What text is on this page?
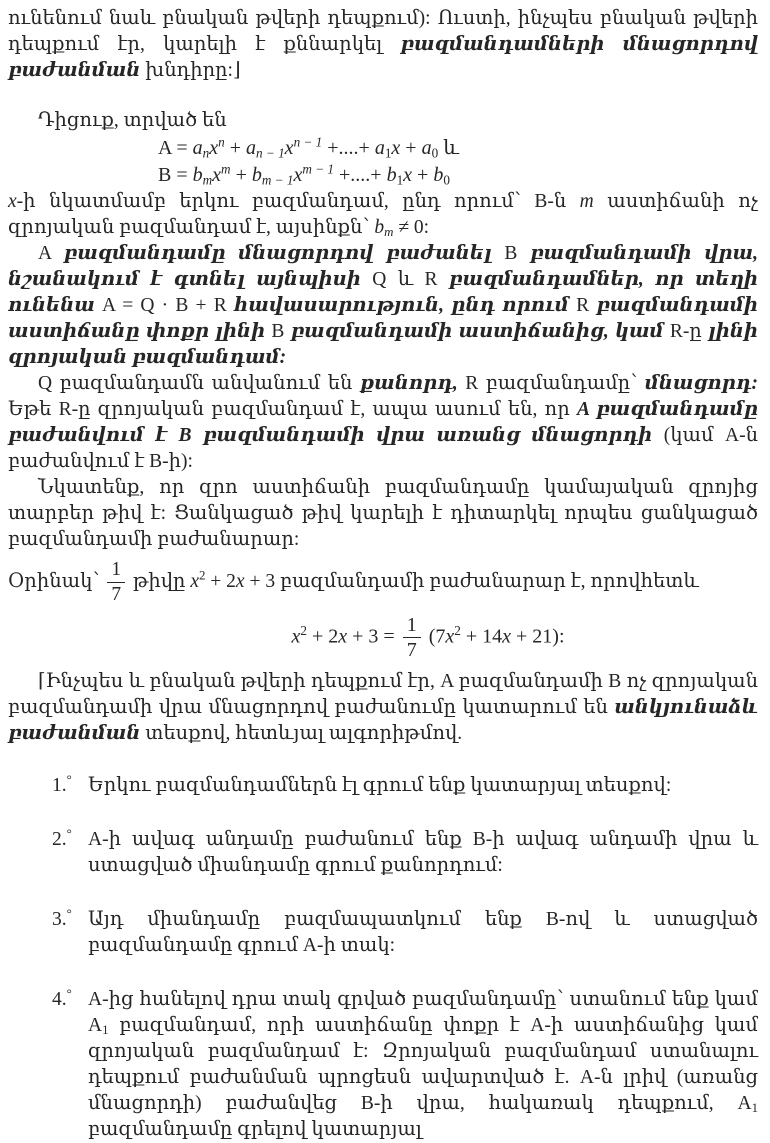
ունենում նաև բնական թվերի դեպքում): Ուստի, ինչպես բնական թվերի դեպքում էր, կարելի է քննարկել բազմանդամների մնացորդով բաժանման խնդիրը:⌋

Դիցուք, տրված են

$A = a_nx^n + a_{n - 1}x^{n - 1}$ +....+ $a_1x + a_0$ և

$B = b_mx^m + b_{m - 1}x^{m - 1}$ +....+ $b_1x + b_0$

x-ի նկատմամբ երկու բազմանդամ, ընդ որում՝ B-ն m աստիճանի ոչ զրոյական բազմանդամ է, այսինքն՝ $b_m \ne 0$:

A բազմանդամը մնացորդով բաժանել B բազմանդամի վրա, նշանակում է գտնել այնպիսի Q և R բազմանդամներ, որ տեղի ունենա A = Q · B + R հավասարություն, ընդ որում R բազմանդամի աստիճանը փոքր լինի B բազմանդամի աստիճանից, կամ R-ը լինի զրոյական բազմանդամ:

Q բազմանդամն անվանում են քանորդ, R բազմանդամը՝ մնացորդ: Եթե R-ը զրոյական բազմանդամ է, ապա ասում են, որ A բազմանդամը բաժանվում է B բազմանդամի վրա առանց մնացորդի (կամ A-ն բաժանվում է B-ի):

Նկատենք, որ զրո աստիճանի բազմանդամը կամայական զրոյից տարբեր թիվ է: Ցանկացած թիվ կարելի է դիտարկել որպես ցանկացած բազմանդամի բաժանարար:

Օրինակ՝ $\frac{1}{7}$ թիվը $x^2 + 2x + 3$ բազմանդամի բաժանարար է, որովհետև

$x^2 + 2x + 3 = \frac{1}{7} (7x^2 + 14x + 21)$:

⌈Ինչպես և բնական թվերի դեպքում էր, A բազմանդամի B ոչ զրոյական բազմանդամի վրա մնացորդով բաժանումը կատարում են անկյունաձև բաժանման տեսքով, հետևյալ ալգորիթմով.

1.° Երկու բազմանդամներն էլ գրում ենք կատարյալ տեսքով:
2.° A-ի ավագ անդամը բաժանում ենք B-ի ավագ անդամի վրա և ստացված միանդամը գրում քանորդում:
3.° Այդ միանդամը բազմապատկում ենք B-ով և ստացված բազմանդամը գրում A-ի տակ:
4.° A-ից հանելով դրա տակ գրված բազմանդամը՝ ստանում ենք կամ $A_1$ բազմանդամ, որի աստիճանը փոքր է A-ի աստիճանից կամ զրոյական բազմանդամ է: Զրոյական բազմանդամ ստանալու դեպքում բաժանման պրոցեսն ավարտված է. A-ն լրիվ (առանց մնացորդի) բաժանվեց B-ի վրա, հակառակ դեպքում, $A_1$ բազմանդամը գրելով կատարյալ
